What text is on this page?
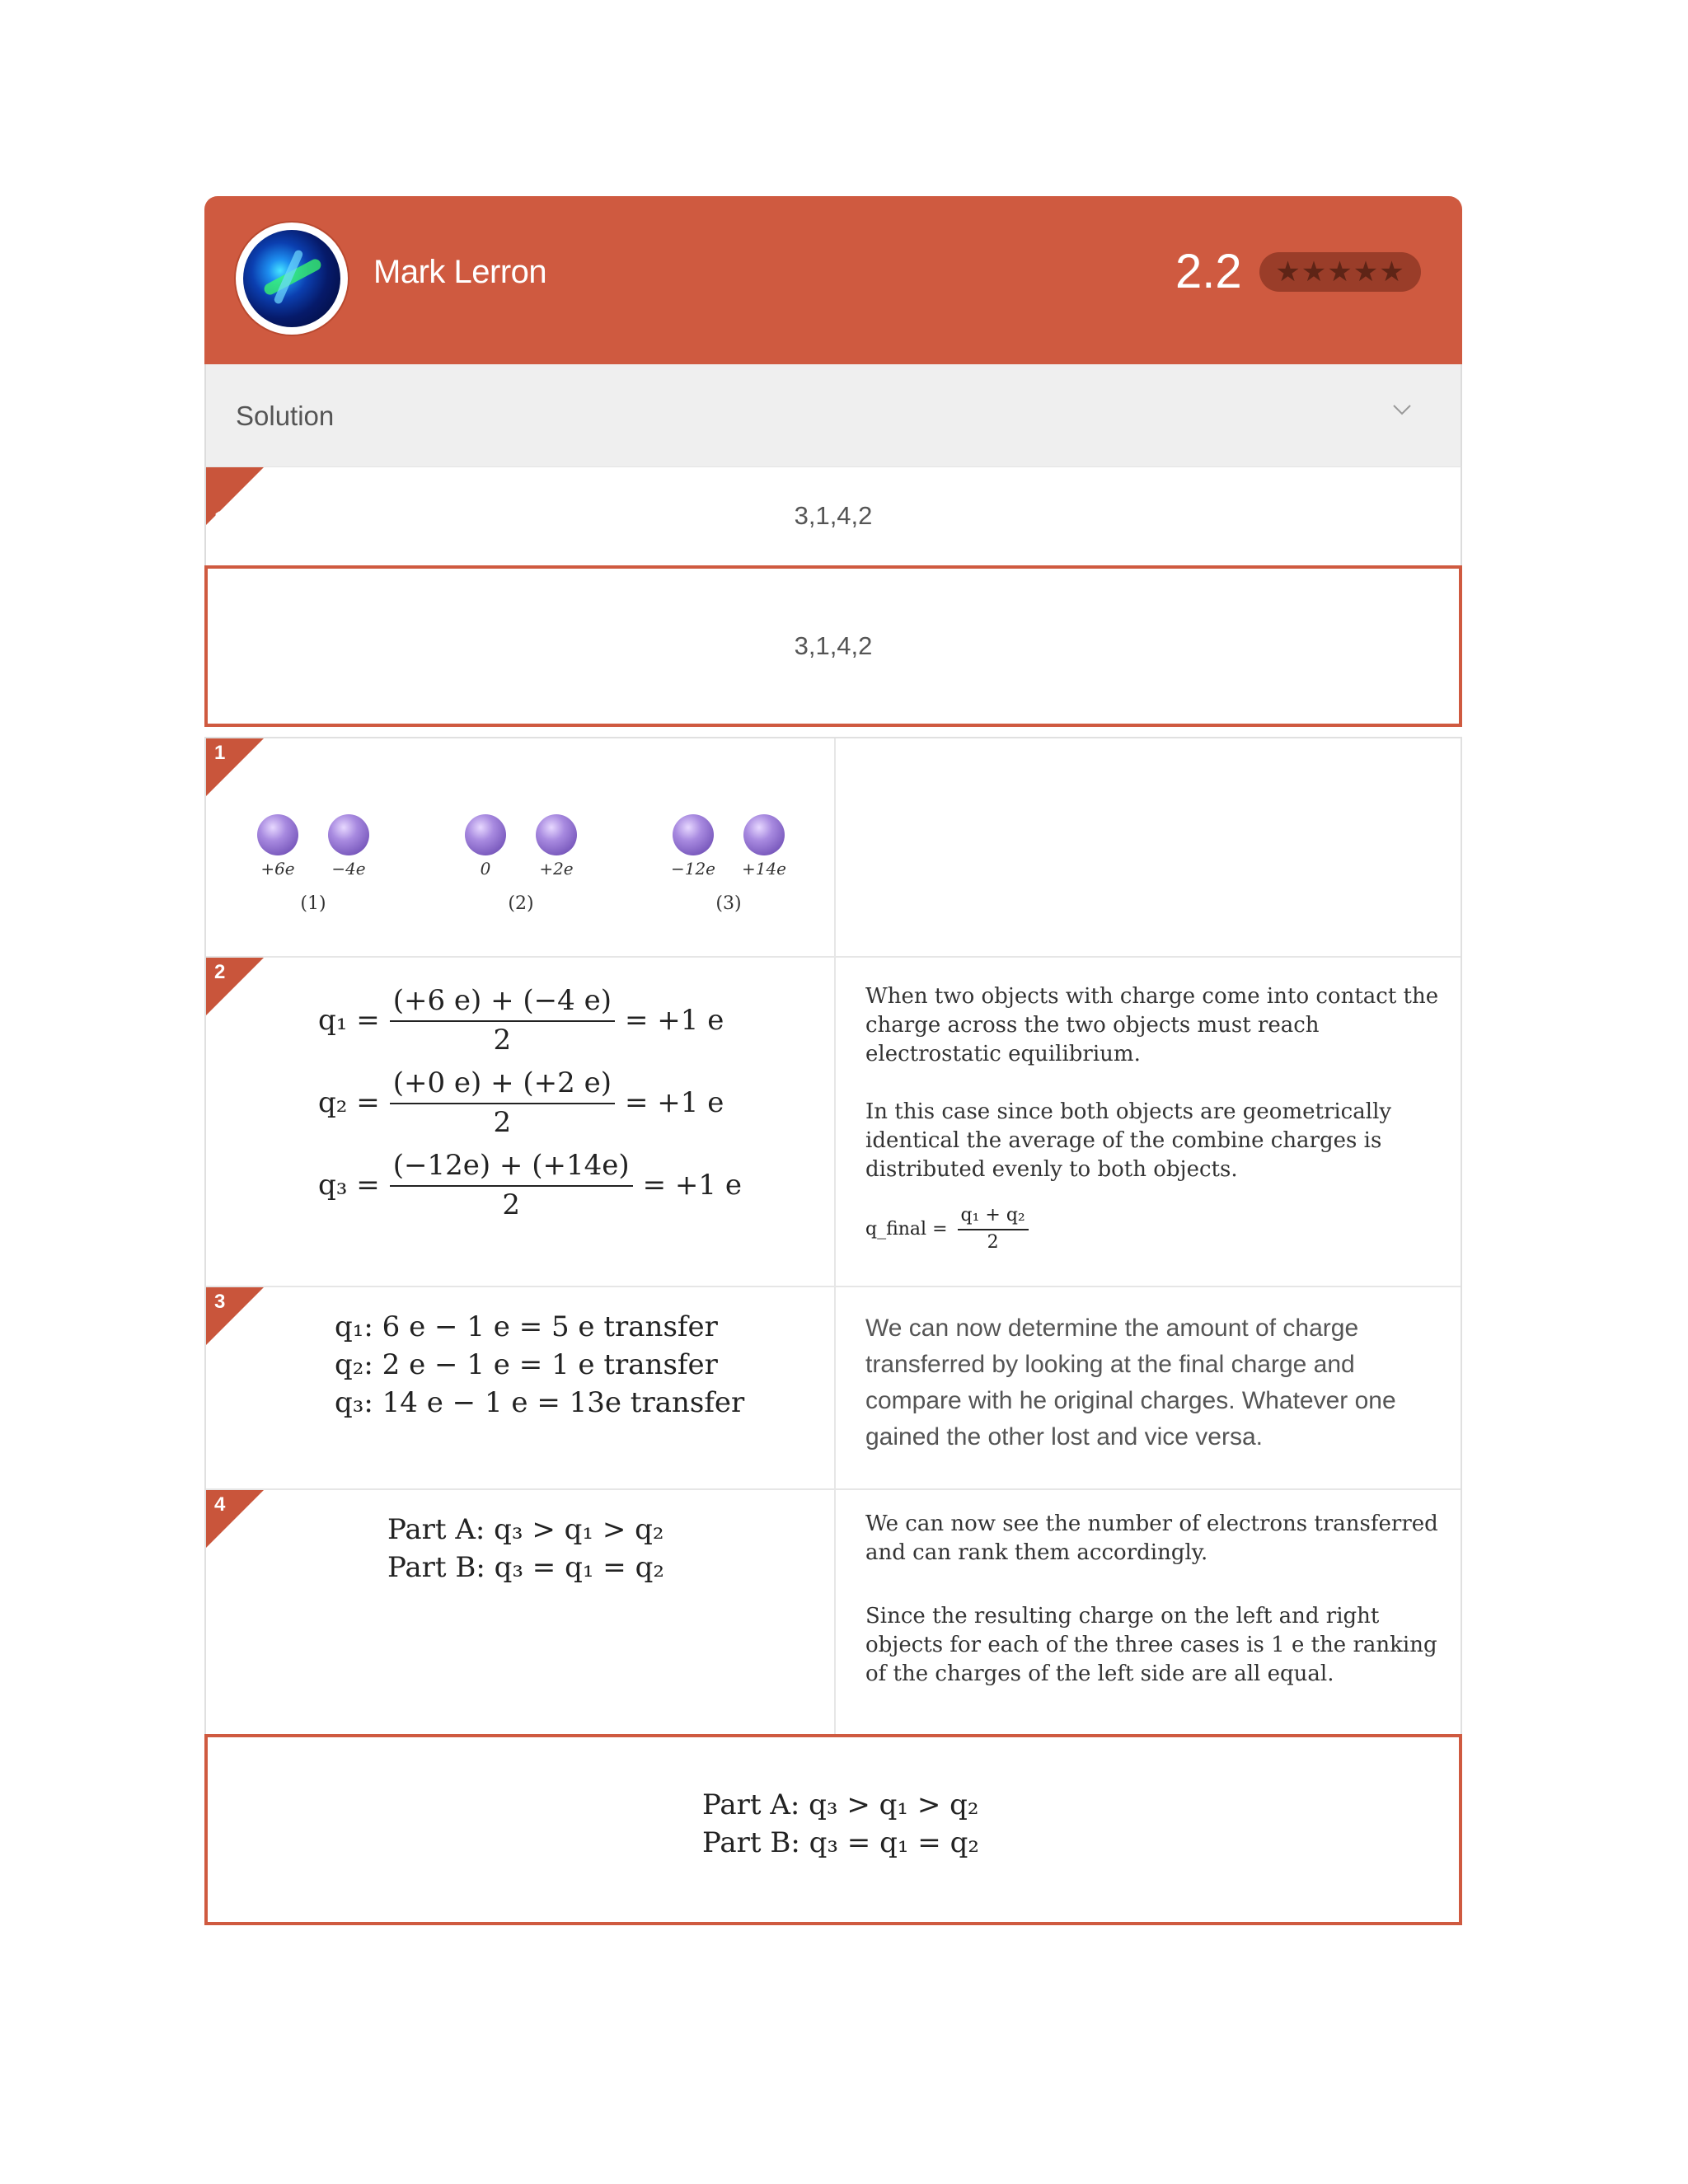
Mark Lerron	2.2 ★★★★★
Solution
1	3,1,4,2
3,1,4,2
1
+6e	−4e	0	+2e	−12e	+14e
(1)	(2)	(3)
2
$q_1 = \frac{(+6 e) + (-4 e)}{2} = +1$ e
$q_2 = \frac{(+0 e) + (+2 e)}{2} = +1$ e
$q_3 = \frac{(-12e) + (+14e)}{2} = +1$ e
When two objects with charge come into contact the charge across the two objects must reach electrostatic equilibrium.
In this case since both objects are geometrically identical the average of the combine charges is distributed evenly to both objects.
q_final = $\frac{\text{q₁ + q₂}}{2}$
3
q₁: 6 e − 1 e = 5 e transfer
q₂: 2 e − 1 e = 1 e transfer
q₃: 14 e − 1 e = 13e transfer
We can now determine the amount of charge transferred by looking at the final charge and compare with he original charges. Whatever one gained the other lost and vice versa.
4
Part A: q₃ > q₁ > q₂
Part B: q₃ = q₁ = q₂
We can now see the number of electrons transferred and can rank them accordingly.
Since the resulting charge on the left and right objects for each of the three cases is 1 e the ranking of the charges of the left side are all equal.
Part A: q₃ > q₁ > q₂
Part B: q₃ = q₁ = q₂
